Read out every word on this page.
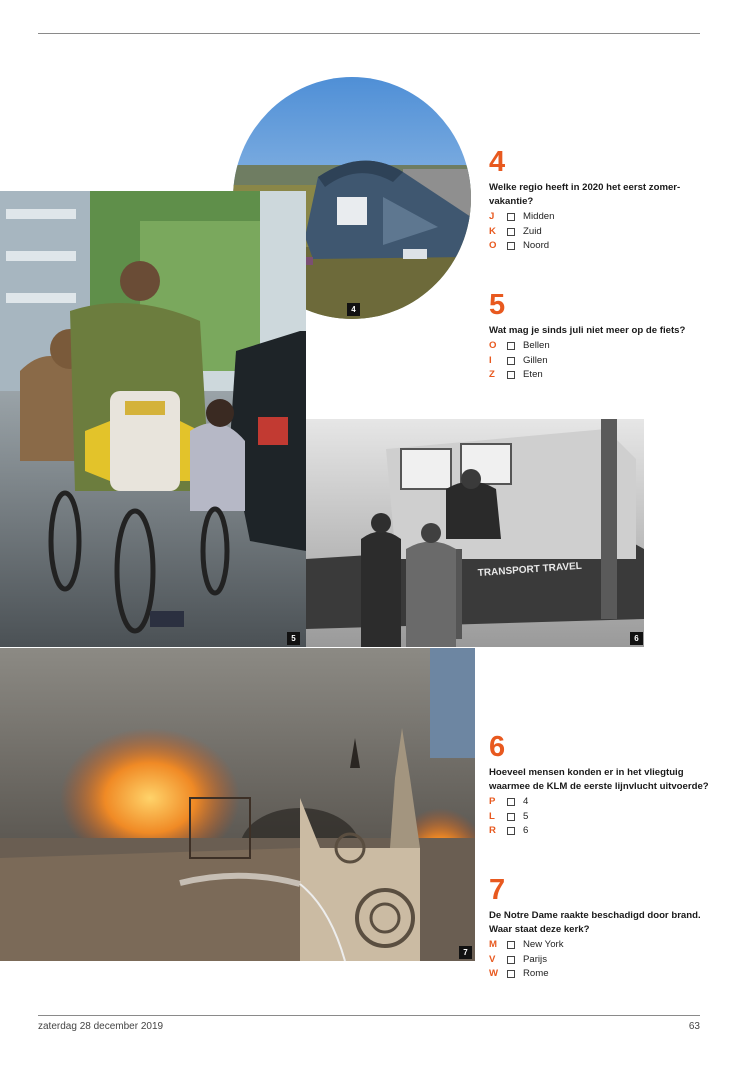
4
5
TRANSPORT TRAVEL
6
7
4
Welke regio heeft in 2020 het eerst zomer-vakantie?
J	Midden
K	Zuid
O	Noord
5
Wat mag je sinds juli niet meer op de fiets?
O	Bellen
I	Gillen
Z	Eten
6
Hoeveel mensen konden er in het vliegtuig waarmee de KLM de eerste lijnvlucht uitvoerde?
P	4
L	5
R	6
7
De Notre Dame raakte beschadigd door brand. Waar staat deze kerk?
M	New York
V	Parijs
W	Rome
zaterdag 28 december 2019	63
